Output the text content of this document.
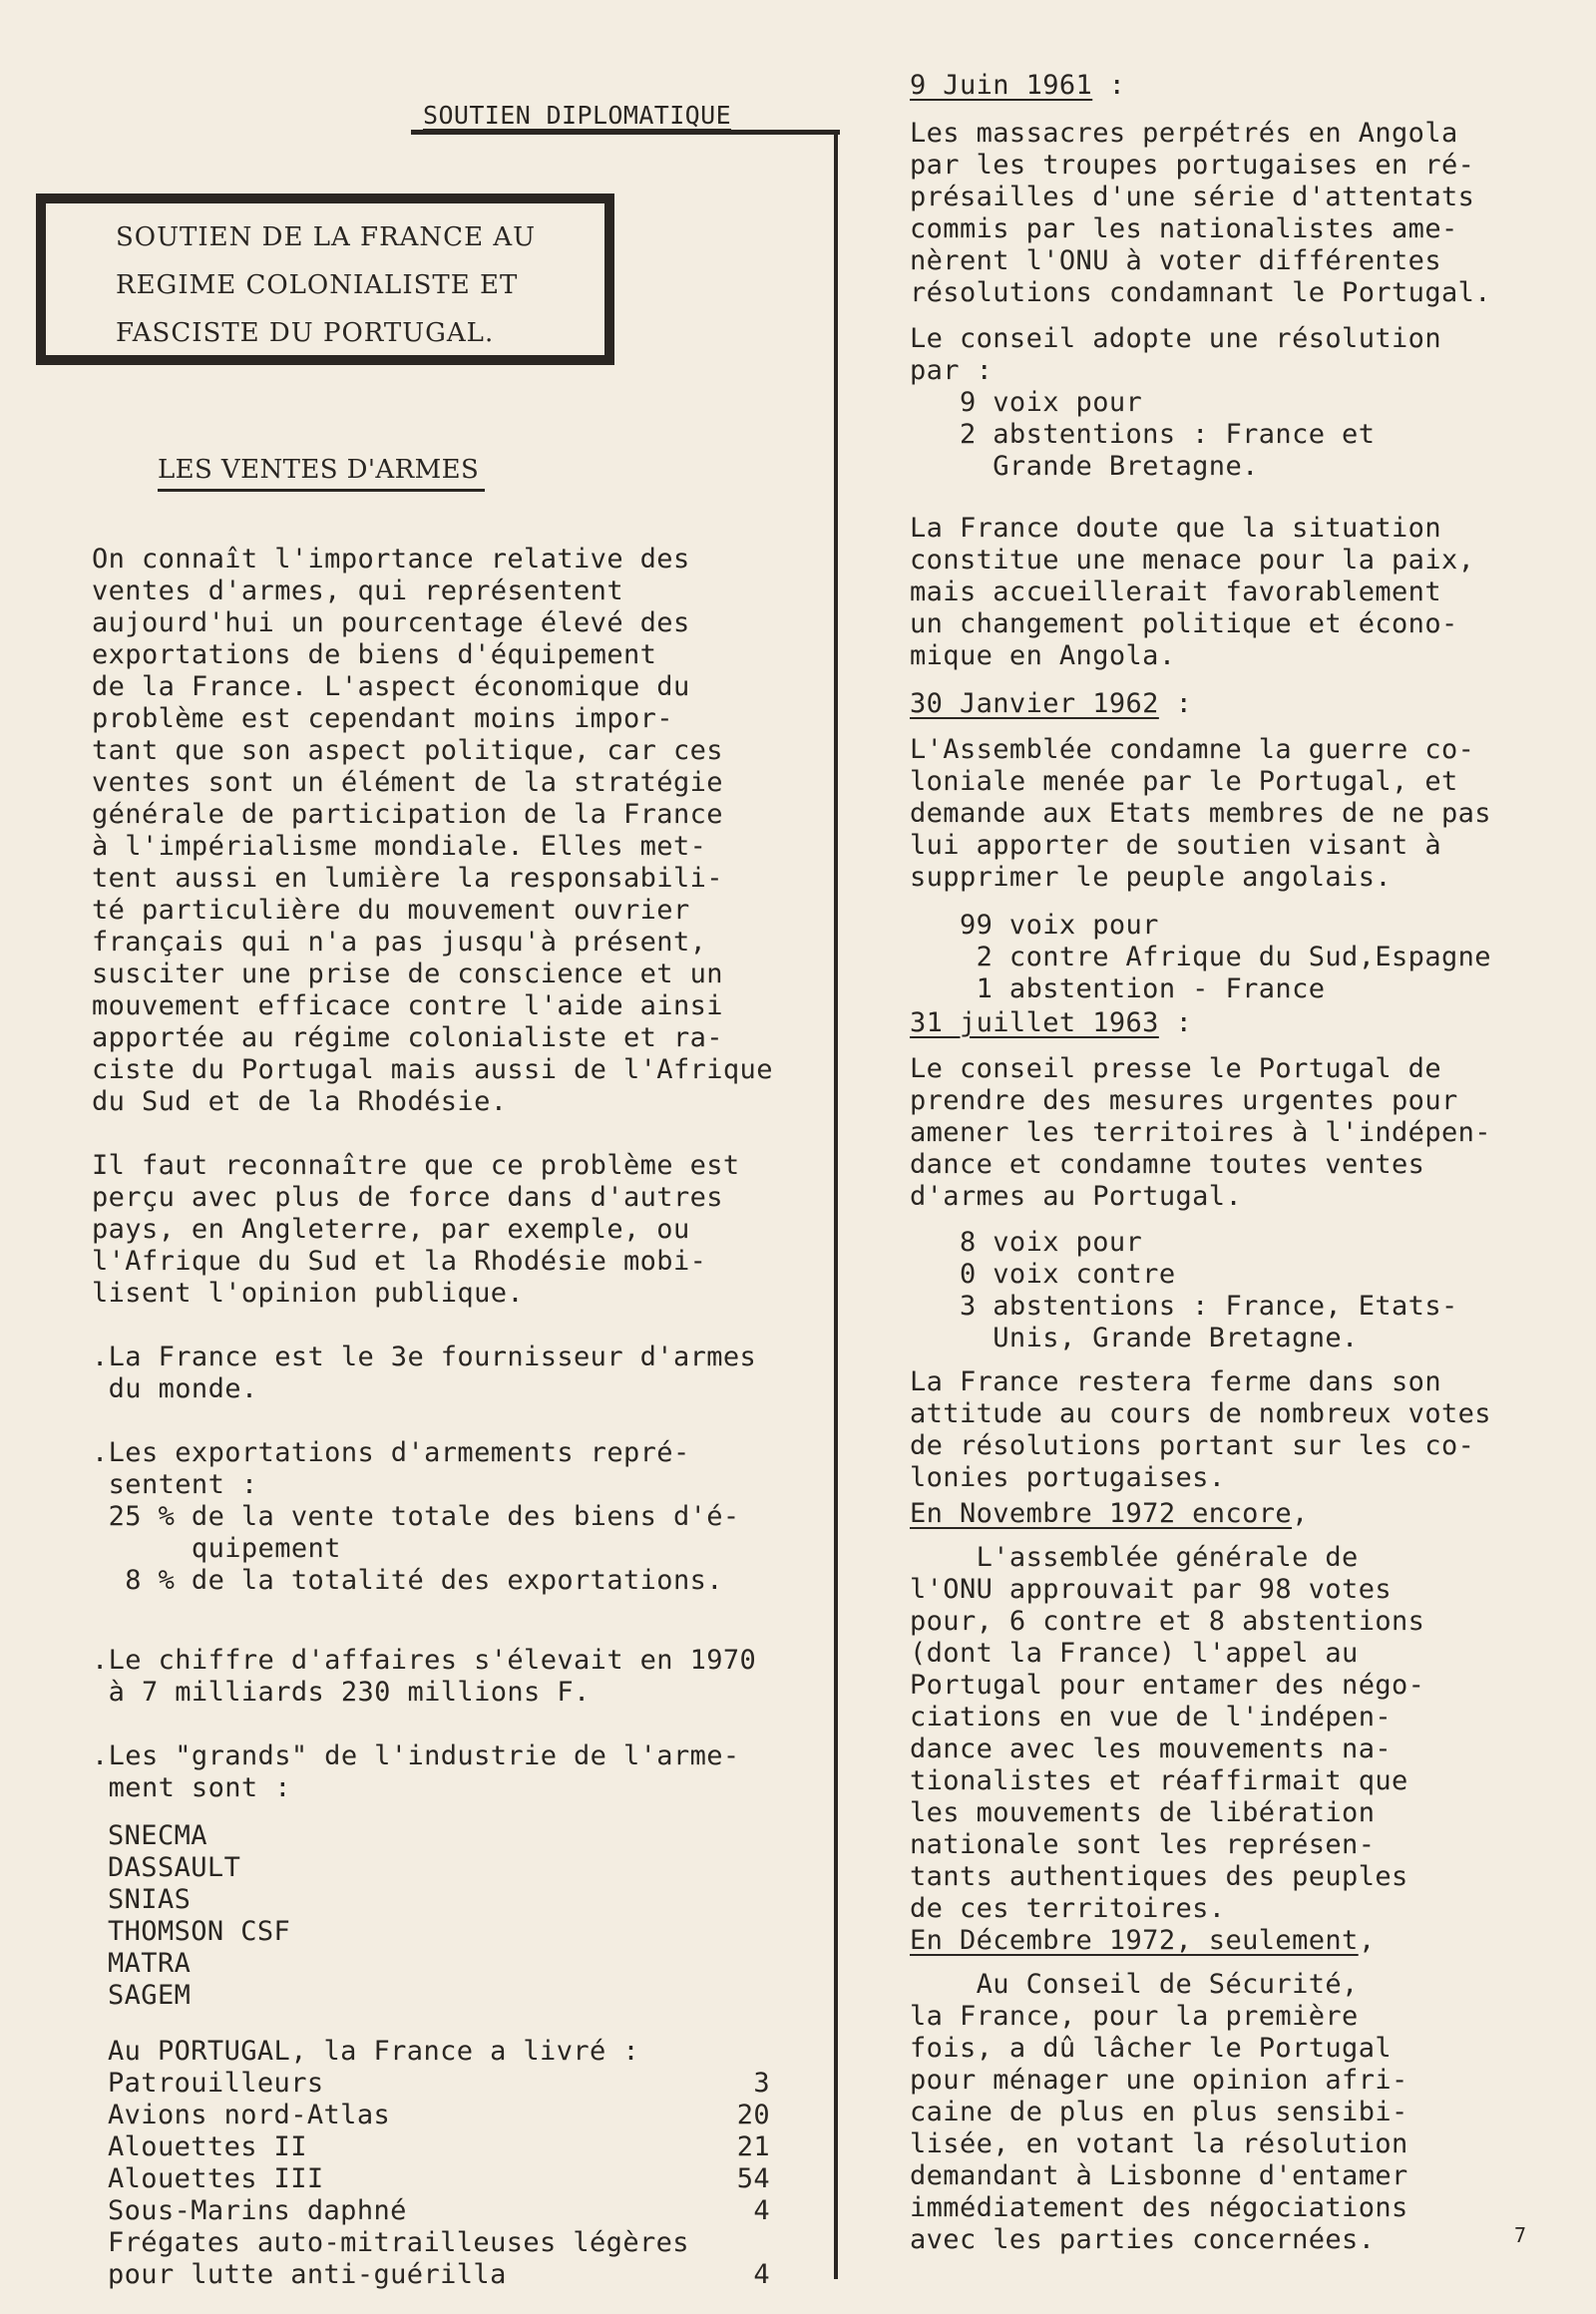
SOUTIEN DIPLOMATIQUE
SOUTIEN DE LA FRANCE AU
REGIME COLONIALISTE ET
FASCISTE DU PORTUGAL.
LES VENTES D'ARMES
On connaît l'importance relative des
ventes d'armes, qui représentent
aujourd'hui un pourcentage élevé des
exportations de biens d'équipement
de la France. L'aspect économique du
problème est cependant moins impor-
tant que son aspect politique, car ces
ventes sont un élément de la stratégie
générale de participation de la France
à l'impérialisme mondiale. Elles met-
tent aussi en lumière la responsabili-
té particulière du mouvement ouvrier
français qui n'a pas jusqu'à présent,
susciter une prise de conscience et un
mouvement efficace contre l'aide ainsi
apportée au régime colonialiste et ra-
ciste du Portugal mais aussi de l'Afrique
du Sud et de la Rhodésie.
Il faut reconnaître que ce problème est
perçu avec plus de force dans d'autres
pays, en Angleterre, par exemple, ou
l'Afrique du Sud et la Rhodésie mobi-
lisent l'opinion publique.
.La France est le 3e fournisseur d'armes
du monde.
.Les exportations d'armements repré-
sentent :
25 % de la vente totale des biens d'é-
quipement
8 % de la totalité des exportations.
.Le chiffre d'affaires s'élevait en 1970
à 7 milliards 230 millions F.
.Les "grands" de l'industrie de l'arme-
ment sont :
SNECMA
DASSAULT
SNIAS
THOMSON CSF
MATRA
SAGEM
Au PORTUGAL, la France a livré :
Patrouilleurs	3
Avions nord-Atlas	20
Alouettes II	21
Alouettes III	54
Sous-Marins daphné	4
Frégates auto-mitrailleuses légères
pour lutte anti-guérilla	4
9 Juin 1961 :
Les massacres perpétrés en Angola
par les troupes portugaises en ré-
présailles d'une série d'attentats
commis par les nationalistes ame-
nèrent l'ONU à voter différentes
résolutions condamnant le Portugal.
Le conseil adopte une résolution
par :
9 voix pour
2 abstentions : France et
Grande Bretagne.
La France doute que la situation
constitue une menace pour la paix,
mais accueillerait favorablement
un changement politique et écono-
mique en Angola.
30 Janvier 1962 :
L'Assemblée condamne la guerre co-
loniale menée par le Portugal, et
demande aux Etats membres de ne pas
lui apporter de soutien visant à
supprimer le peuple angolais.
99 voix pour
2 contre Afrique du Sud,Espagne
1 abstention - France
31 juillet 1963 :
Le conseil presse le Portugal de
prendre des mesures urgentes pour
amener les territoires à l'indépen-
dance et condamne toutes ventes
d'armes au Portugal.
8 voix pour
0 voix contre
3 abstentions : France, Etats-
Unis, Grande Bretagne.
La France restera ferme dans son
attitude au cours de nombreux votes
de résolutions portant sur les co-
lonies portugaises.
En Novembre 1972 encore ,
L'assemblée générale de
l'ONU approuvait par 98 votes
pour, 6 contre et 8 abstentions
(dont la France) l'appel au
Portugal pour entamer des négo-
ciations en vue de l'indépen-
dance avec les mouvements na-
tionalistes et réaffirmait que
les mouvements de libération
nationale sont les représen-
tants authentiques des peuples
de ces territoires.
En Décembre 1972, seulement ,
Au Conseil de Sécurité,
la France, pour la première
fois, a dû lâcher le Portugal
pour ménager une opinion afri-
caine de plus en plus sensibi-
lisée, en votant la résolution
demandant à Lisbonne d'entamer
immédiatement des négociations
avec les parties concernées.	7
